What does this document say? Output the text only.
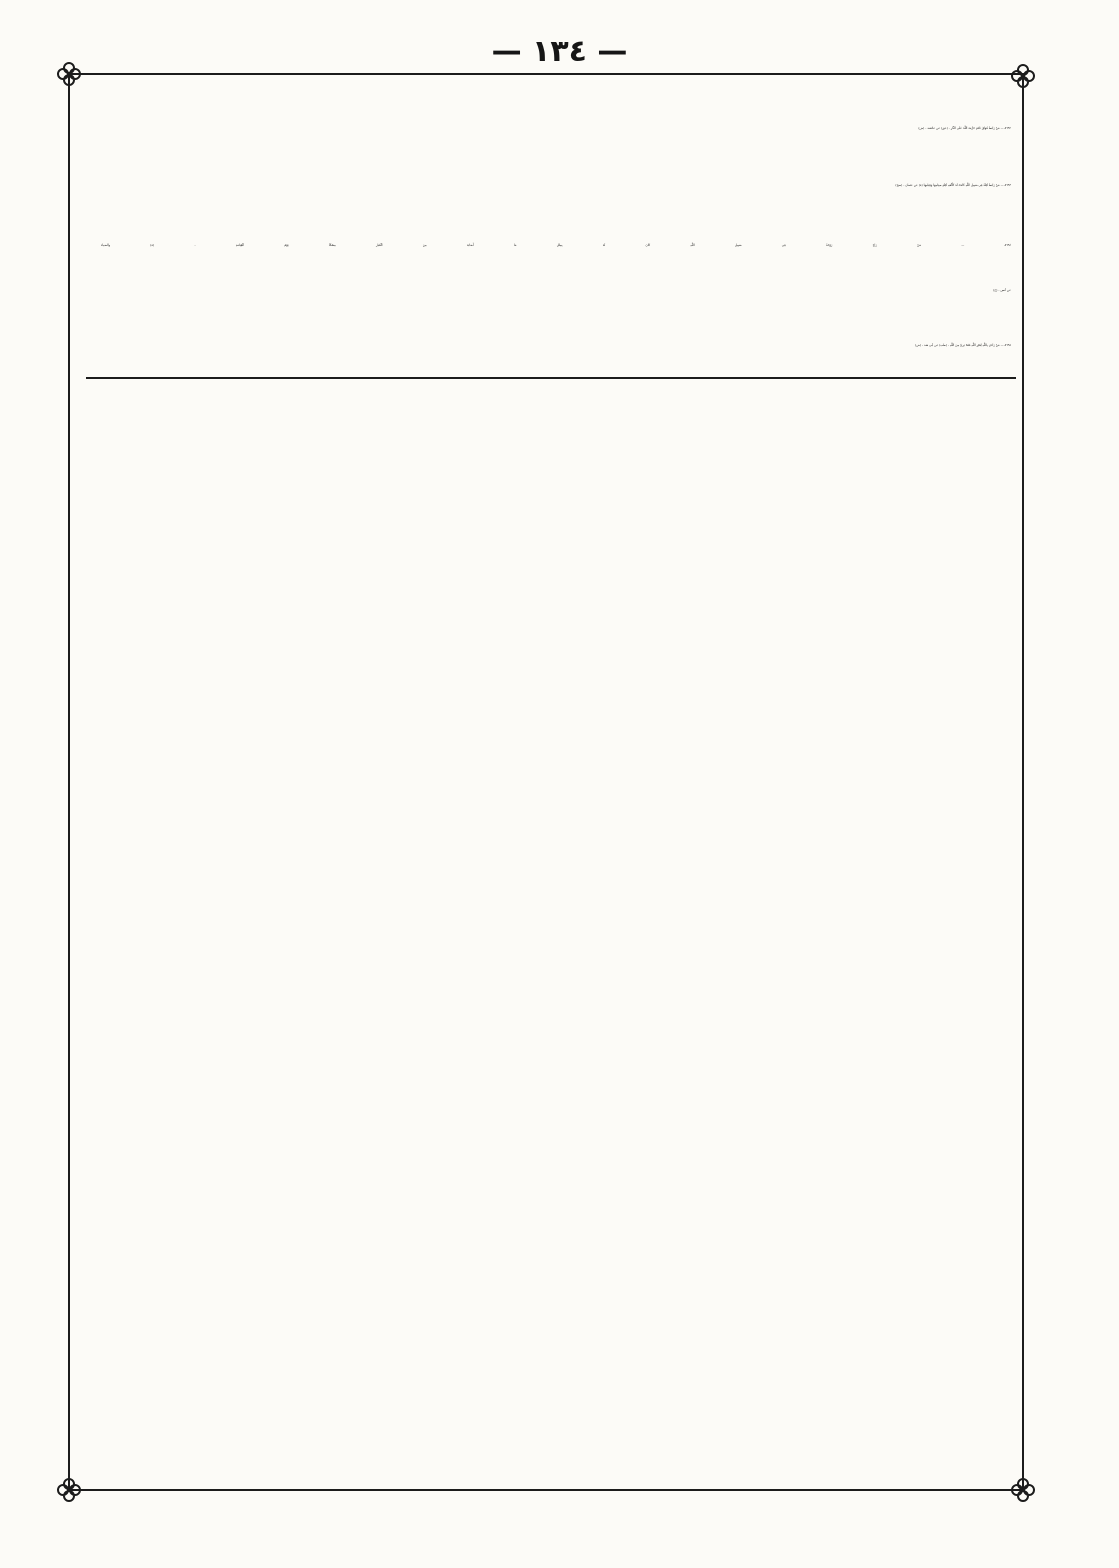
— ١٣٤ —
٨٦٩٢ — مَنْ رَابَطَ فُوَاقَ نَاقَةٍ حَرَّمَهُ اللَّهُ عَلَى النَّارِ - (عق) عن عائشة - (ض)
٨٦٩٣ — مَنْ رَابَطَ لَيْلَةً فِى سَبِيلِ اللَّهِ كَانَتْ لَهُ كَأَلْفِ لَيْلَةٍ صِيَامِهَا وَقِيَامِهَا (ه) عن عثمان - (صح)
٨٦٩٤ — مَنْ رَاحَ رَوْحَةً فِى سَبِيلِ اللَّهِ كَانَ لَهُ بِمِثْلِ مَا أَصَابَهُ مِنَ الْغُبَارِ مِسْكًا يَوْمَ الْقِيَامَةِ - (ه) والضياء
عن أنس - (ح)
٨٦٩٥ — مَنْ رَاءَى بِاللَّهِ لِغَيْرِ اللَّهِ فَقَدْ بَرِئَ مِنَ اللَّهِ - (طب) عن أبى هند - (ض)
